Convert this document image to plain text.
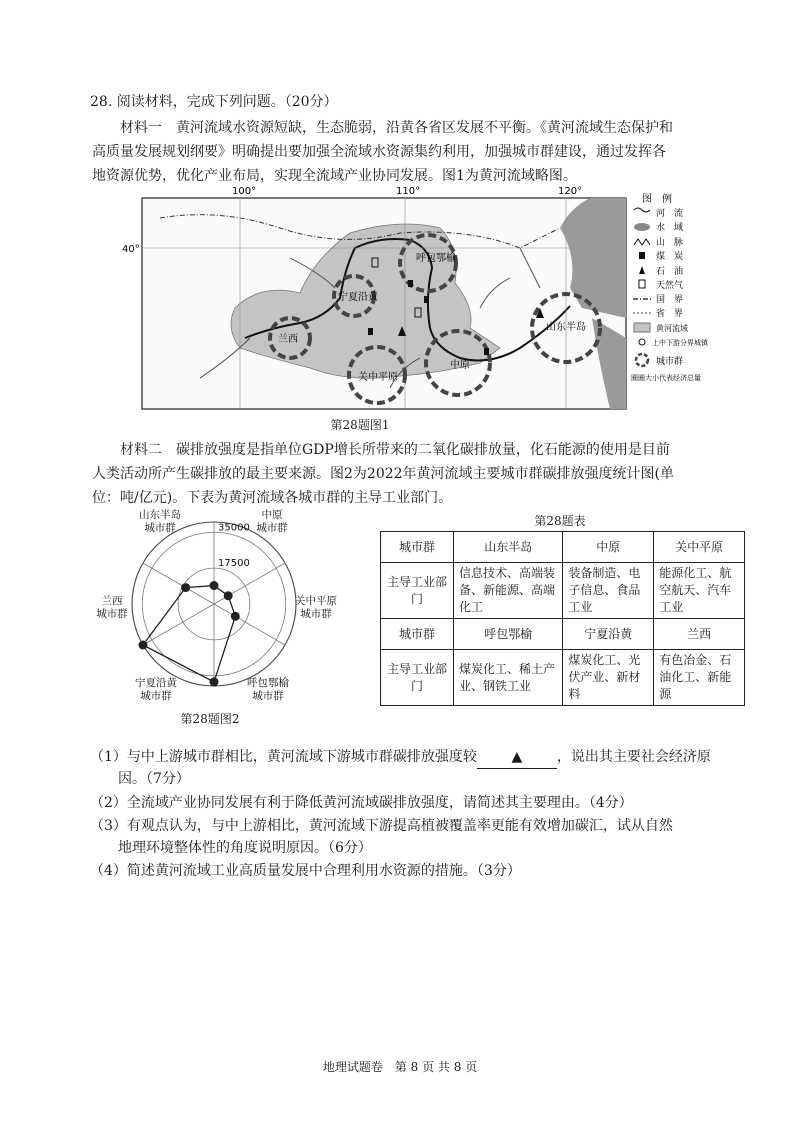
28. 阅读材料，完成下列问题。（20分）
材料一　黄河流域水资源短缺，生态脆弱，沿黄各省区发展不平衡。《黄河流域生态保护和
高质量发展规划纲要》明确提出要加强全流域水资源集约利用，加强城市群建设，通过发挥各
地资源优势，优化产业布局，实现全流域产业协同发展。图1为黄河流域略图。
呼包鄂榆
宁夏沿黄
兰西
关中平原
中原
山东半岛
100°	110°	120°
40°
图　例
河　流
水　域
山　脉
煤　炭
石　油
天然气
国　界
省　界
黄河流域
上中下游分界城镇
城市群
圈圈大小代表经济总量
第28题图1
材料二　碳排放强度是指单位GDP增长所带来的二氧化碳排放量，化石能源的使用是目前
人类活动所产生碳排放的最主要来源。图2为2022年黄河流域主要城市群碳排放强度统计图(单
位：吨/亿元)。下表为黄河流域各城市群的主导工业部门。
17500
35000
山东半岛
城市群
中原
城市群
关中平原
城市群
呼包鄂榆
城市群
宁夏沿黄
城市群
兰西
城市群
第28题图2
第28题表
城市群	山东半岛	中原	关中平原
主导工业部门	信息技术、高端装备、新能源、高端化工	装备制造、电子信息、食品工业	能源化工、航空航天、汽车工业
城市群	呼包鄂榆	宁夏沿黄	兰西
主导工业部门	煤炭化工、稀土产业、钢铁工业	煤炭化工、光伏产业、新材料	有色冶金、石油化工、新能源
（1）与中上游城市群相比，黄河流域下游城市群碳排放强度较 ▲ ，说出其主要社会经济原
因。（7分）
（2）全流域产业协同发展有利于降低黄河流域碳排放强度，请简述其主要理由。（4分）
（3）有观点认为，与中上游相比，黄河流域下游提高植被覆盖率更能有效增加碳汇，试从自然
地理环境整体性的角度说明原因。（6分）
（4）简述黄河流域工业高质量发展中合理利用水资源的措施。（3分）
地理试题卷　第 8 页 共 8 页
